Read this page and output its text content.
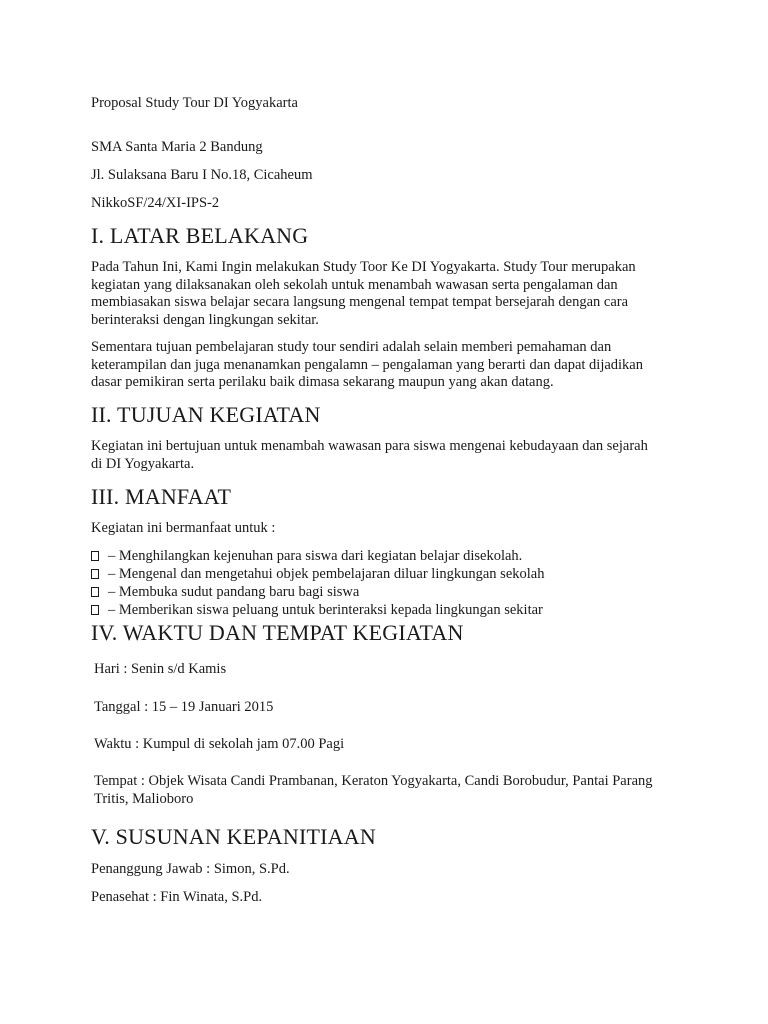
Proposal Study Tour DI Yogyakarta
SMA Santa Maria 2 Bandung
Jl. Sulaksana Baru I No.18, Cicaheum
NikkoSF/24/XI-IPS-2
I. LATAR BELAKANG
Pada Tahun Ini, Kami Ingin melakukan Study Toor Ke DI Yogyakarta. Study Tour merupakan
kegiatan yang dilaksanakan oleh sekolah untuk menambah wawasan serta pengalaman dan
membiasakan siswa belajar secara langsung mengenal tempat tempat bersejarah dengan cara
berinteraksi dengan lingkungan sekitar.
Sementara tujuan pembelajaran study tour sendiri adalah selain memberi pemahaman dan
keterampilan dan juga menanamkan pengalamn – pengalaman yang berarti dan dapat dijadikan
dasar pemikiran serta perilaku baik dimasa sekarang maupun yang akan datang.
II. TUJUAN KEGIATAN
Kegiatan ini bertujuan untuk menambah wawasan para siswa mengenai kebudayaan dan sejarah
di DI Yogyakarta.
III. MANFAAT
Kegiatan ini bermanfaat untuk :
– Menghilangkan kejenuhan para siswa dari kegiatan belajar disekolah.
– Mengenal dan mengetahui objek pembelajaran diluar lingkungan sekolah
– Membuka sudut pandang baru bagi siswa
– Memberikan siswa peluang untuk berinteraksi kepada lingkungan sekitar
IV. WAKTU DAN TEMPAT KEGIATAN
Hari : Senin s/d Kamis
Tanggal : 15 – 19 Januari 2015
Waktu : Kumpul di sekolah jam 07.00 Pagi
Tempat : Objek Wisata Candi Prambanan, Keraton Yogyakarta, Candi Borobudur, Pantai Parang
Tritis, Malioboro
V. SUSUNAN KEPANITIAAN
Penanggung Jawab : Simon, S.Pd.
Penasehat : Fin Winata, S.Pd.
